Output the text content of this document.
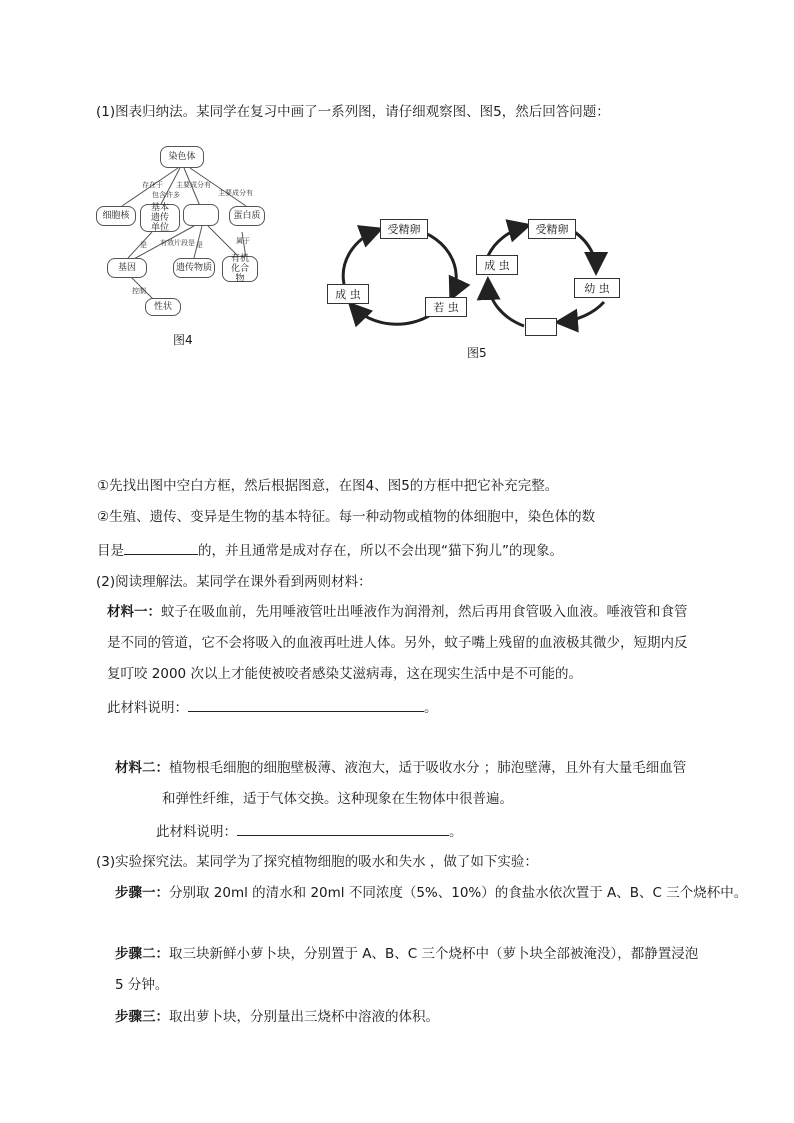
(1)图表归纳法。某同学在复习中画了一系列图，请仔细观察图、图5，然后回答问题：
染色体
细胞核
基本遗传单位
蛋白质
基因	遗传物质
有机化合物
性状
存在于
包含许多
主要成分有
主要成分有
是 有效片段是 是	属于
控制
图4
受精卵
成 虫
若 虫
受精卵
成 虫
幼 虫
图5
①先找出图中空白方框，然后根据图意，在图4、图5的方框中把它补充完整。
②生殖、遗传、变异是生物的基本特征。每一种动物或植物的体细胞中，染色体的数
目是	的，并且通常是成对存在，所以不会出现“猫下狗儿”的现象。
(2)阅读理解法。某同学在课外看到两则材料：
材料一：蚊子在吸血前，先用唾液管吐出唾液作为润滑剂，然后再用食管吸入血液。唾液管和食管
是不同的管道，它不会将吸入的血液再吐进人体。另外，蚊子嘴上残留的血液极其微少，短期内反
复叮咬 2000 次以上才能使被咬者感染艾滋病毒，这在现实生活中是不可能的。
此材料说明：	。
材料二：植物根毛细胞的细胞壁极薄、液泡大，适于吸收水分 ；肺泡壁薄，且外有大量毛细血管
和弹性纤维，适于气体交换。这种现象在生物体中很普遍。
此材料说明：	。
(3)实验探究法。某同学为了探究植物细胞的吸水和失水 ，做了如下实验：
步骤一：分别取 20ml 的清水和 20ml 不同浓度（5%、10%）的食盐水依次置于 A、B、C 三个烧杯中。
步骤二：取三块新鲜小萝卜块，分别置于 A、B、C 三个烧杯中（萝卜块全部被淹没），都静置浸泡
5 分钟。
步骤三：取出萝卜块，分别量出三烧杯中溶液的体积。
